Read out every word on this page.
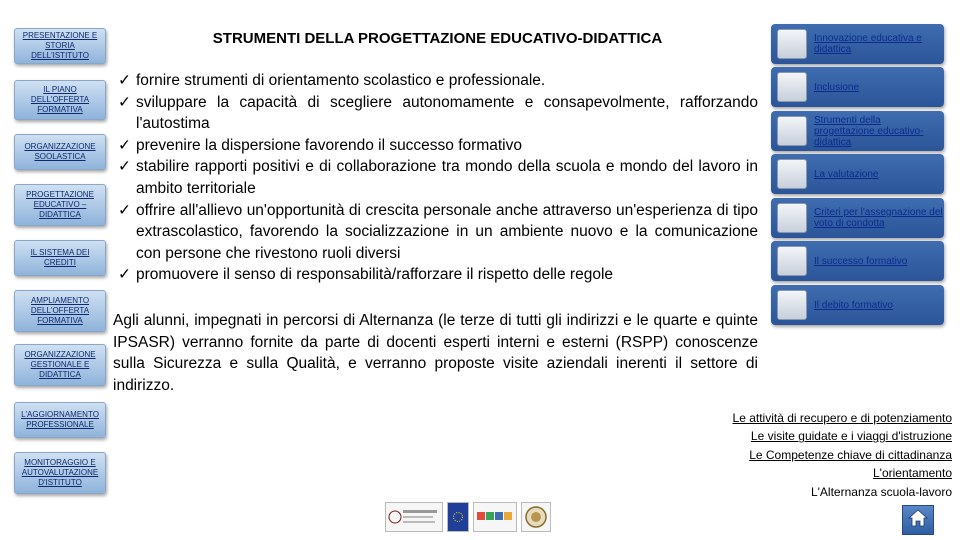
PRESENTAZIONE E STORIA DELL'ISTITUTO
IL PIANO DELL'OFFERTA FORMATIVA
ORGANIZZAZIONE SOOLASTICA
PROGETTAZIONE EDUCATIVO – DIDATTICA
IL SISTEMA DEI CREDITI
AMPLIAMENTO DELL'OFFERTA FORMATIVA
ORGANIZZAZIONE GESTIONALE E DIDATTICA
L'AGGIORNAMENTO PROFESSIONALE
MONITORAGGIO E AUTOVALUTAZIONE D'ISTITUTO
STRUMENTI DELLA PROGETTAZIONE EDUCATIVO-DIDATTICA
✓ fornire strumenti di orientamento scolastico e professionale.
✓ sviluppare la capacità di scegliere autonomamente e consapevolmente, rafforzando l'autostima
✓ prevenire la dispersione favorendo il successo formativo
✓ stabilire rapporti positivi e di collaborazione tra mondo della scuola e mondo del lavoro in ambito territoriale
✓ offrire all'allievo un'opportunità di crescita personale anche attraverso un'esperienza di tipo extrascolastico, favorendo la socializzazione in un ambiente nuovo e la comunicazione con persone che rivestono ruoli diversi
✓ promuovere il senso di responsabilità/rafforzare il rispetto delle regole
Agli alunni, impegnati in percorsi di Alternanza (le terze di tutti gli indirizzi e le quarte e quinte IPSASR) verranno fornite da parte di docenti esperti interni e esterni (RSPP) conoscenze sulla Sicurezza e sulla Qualità, e verranno proposte visite aziendali inerenti il settore di indirizzo.
Innovazione educativa e didattica
Inclusione
Strumenti della progettazione educativo-didattica
La valutazione
Criteri per l'assegnazione del voto di condotta
Il successo formativo
Il debito formativo
Le attività di recupero e di potenziamento
Le visite guidate e i viaggi d'istruzione
Le Competenze chiave di cittadinanza
L'orientamento
L'Alternanza scuola-lavoro
